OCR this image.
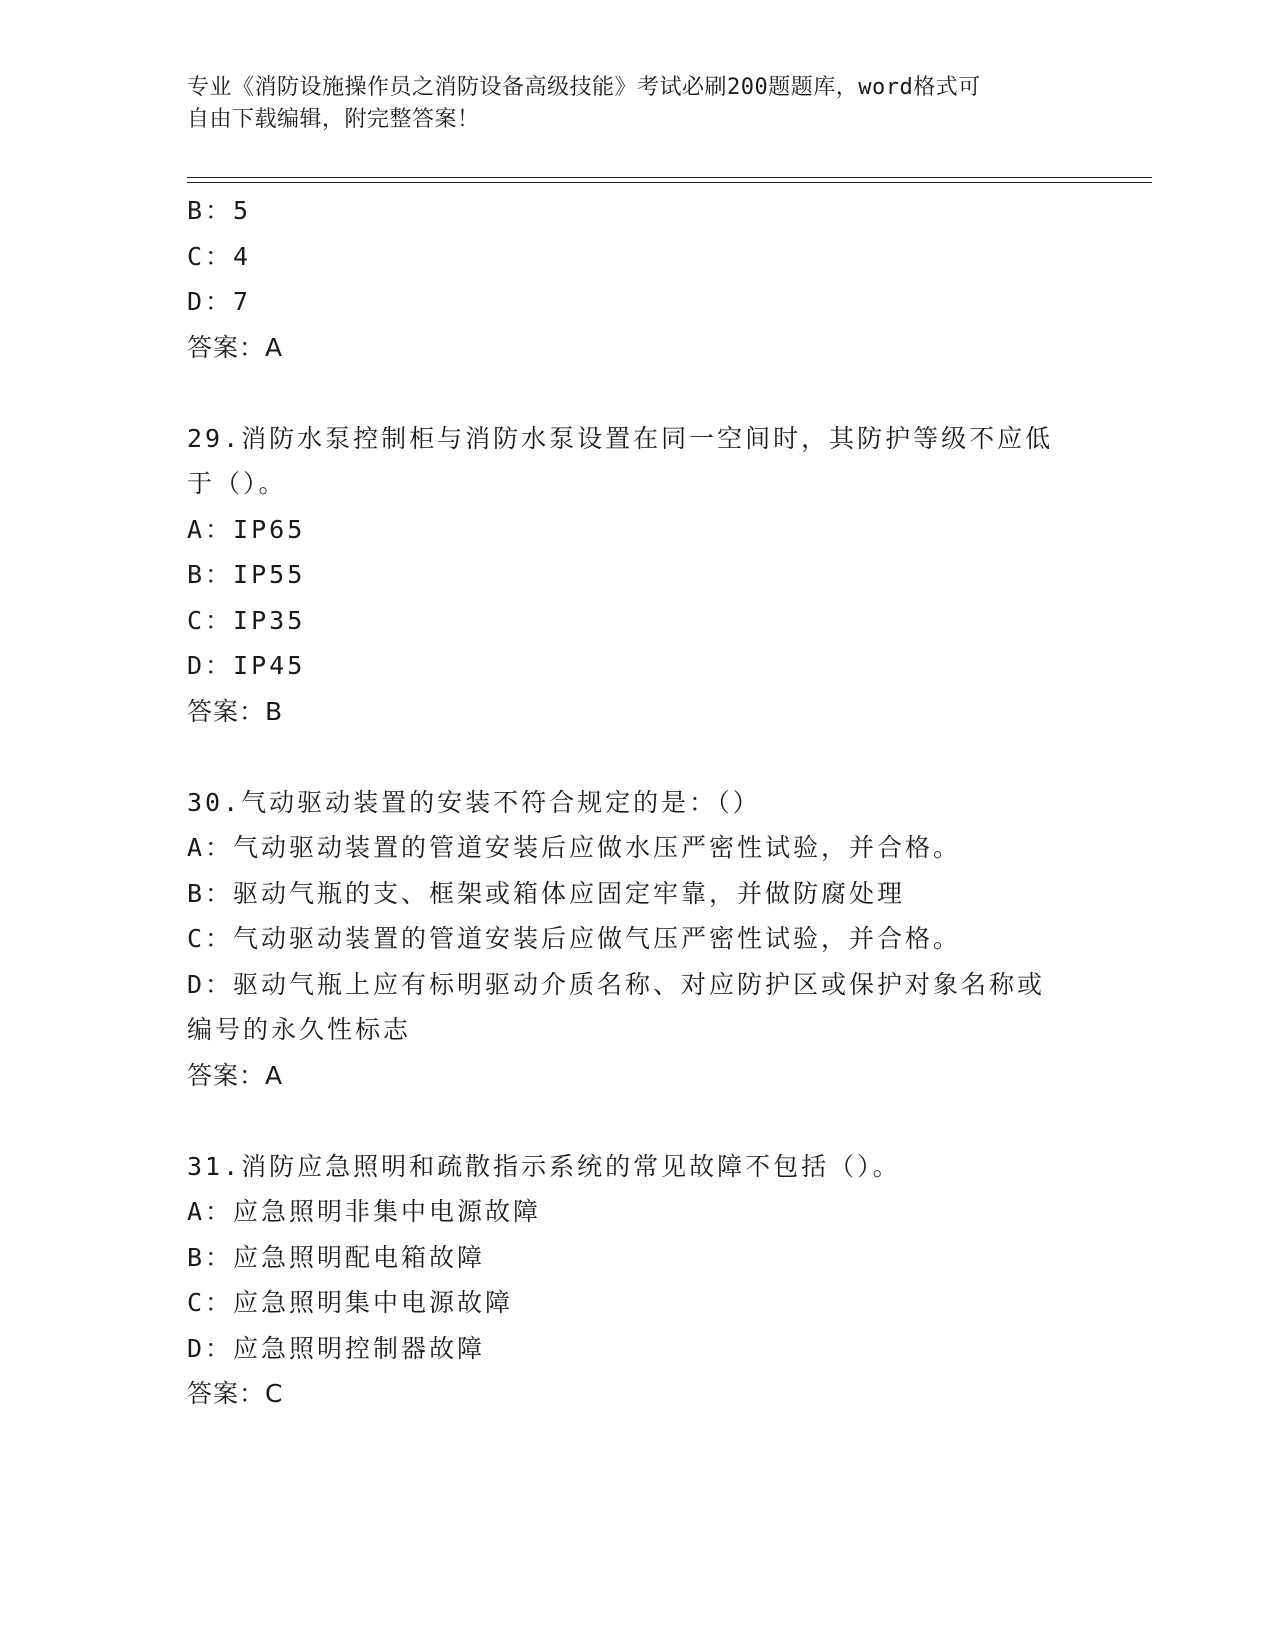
专业《消防设施操作员之消防设备高级技能》考试必刷200题题库，word格式可
自由下载编辑，附完整答案！
B：5
C：4
D：7
答案：A
29.消防水泵控制柜与消防水泵设置在同一空间时，其防护等级不应低
于（）。
A：IP65
B：IP55
C：IP35
D：IP45
答案：B
30.气动驱动装置的安装不符合规定的是：（）
A：气动驱动装置的管道安装后应做水压严密性试验，并合格。
B：驱动气瓶的支、框架或箱体应固定牢靠，并做防腐处理
C：气动驱动装置的管道安装后应做气压严密性试验，并合格。
D：驱动气瓶上应有标明驱动介质名称、对应防护区或保护对象名称或
编号的永久性标志
答案：A
31.消防应急照明和疏散指示系统的常见故障不包括（）。
A：应急照明非集中电源故障
B：应急照明配电箱故障
C：应急照明集中电源故障
D：应急照明控制器故障
答案：C
